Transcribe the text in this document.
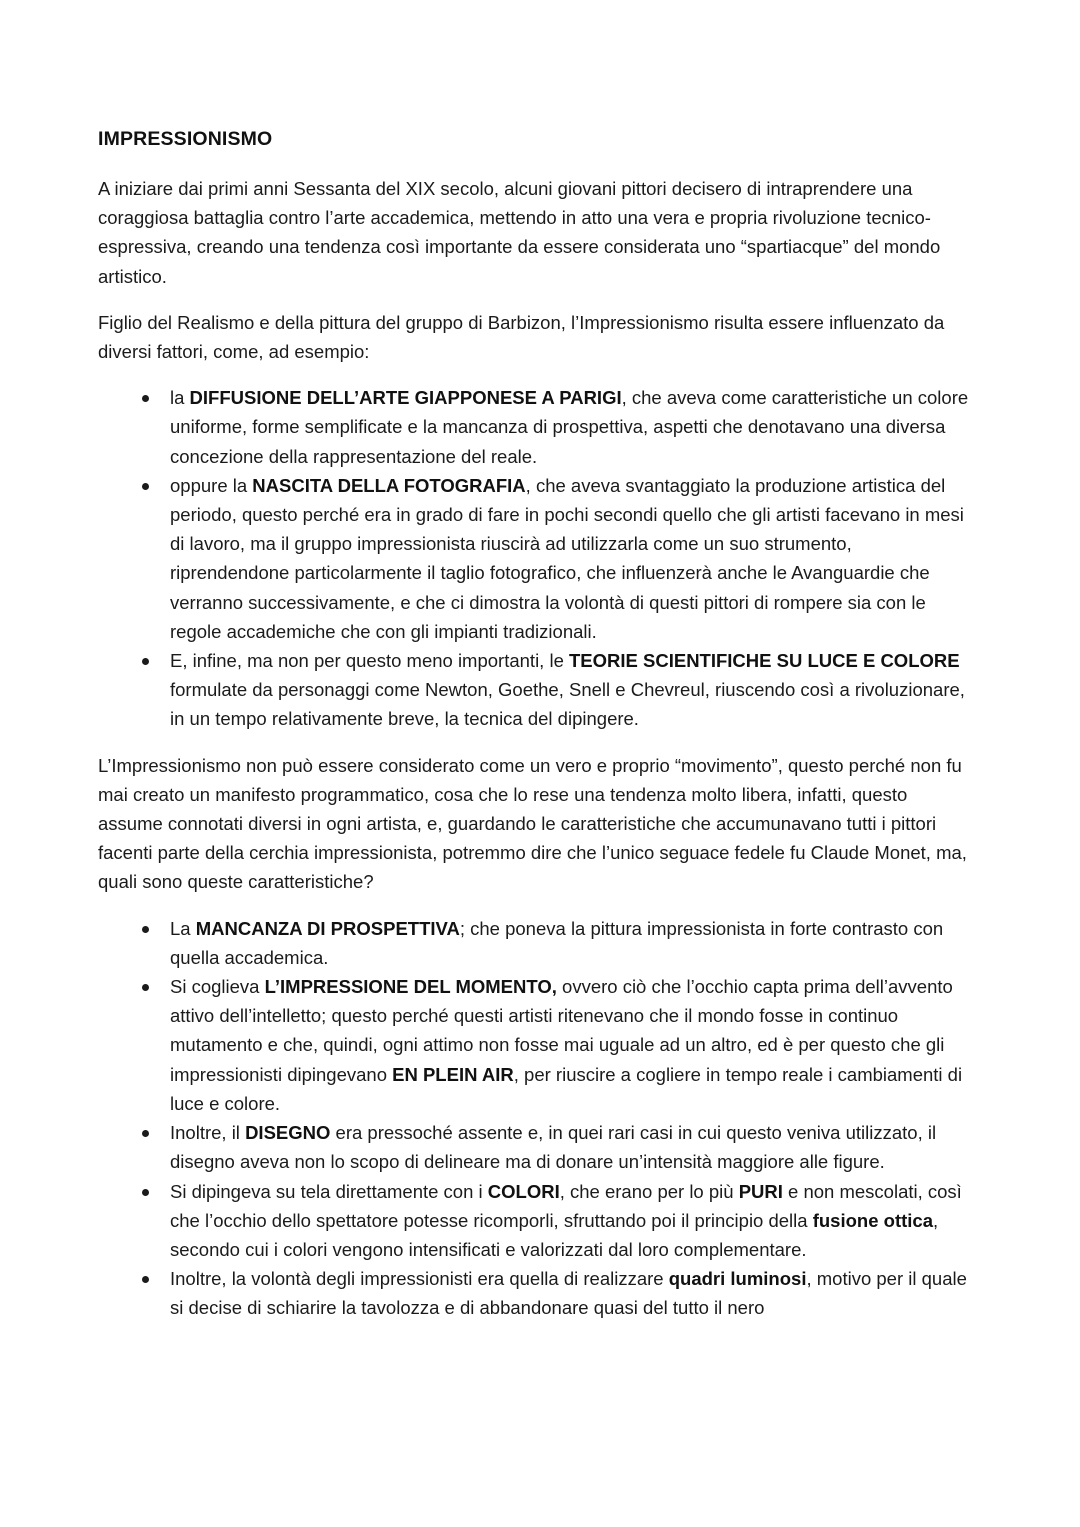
IMPRESSIONISMO

A iniziare dai primi anni Sessanta del XIX secolo, alcuni giovani pittori decisero di intraprendere una coraggiosa battaglia contro l’arte accademica, mettendo in atto una vera e propria rivoluzione tecnico-espressiva, creando una tendenza così importante da essere considerata uno “spartiacque” del mondo artistico.

Figlio del Realismo e della pittura del gruppo di Barbizon, l’Impressionismo risulta essere influenzato da diversi fattori, come, ad esempio:

la DIFFUSIONE DELL’ARTE GIAPPONESE A PARIGI, che aveva come caratteristiche un colore uniforme, forme semplificate e la mancanza di prospettiva, aspetti che denotavano una diversa concezione della rappresentazione del reale.
oppure la NASCITA DELLA FOTOGRAFIA, che aveva svantaggiato la produzione artistica del periodo, questo perché era in grado di fare in pochi secondi quello che gli artisti facevano in mesi di lavoro, ma il gruppo impressionista riuscirà ad utilizzarla come un suo strumento, riprendendone particolarmente il taglio fotografico, che influenzerà anche le Avanguardie che verranno successivamente, e che ci dimostra la volontà di questi pittori di rompere sia con le regole accademiche che con gli impianti tradizionali.
E, infine, ma non per questo meno importanti, le TEORIE SCIENTIFICHE SU LUCE E COLORE formulate da personaggi come Newton, Goethe, Snell e Chevreul, riuscendo così a rivoluzionare, in un tempo relativamente breve, la tecnica del dipingere.

L’Impressionismo non può essere considerato come un vero e proprio “movimento”, questo perché non fu mai creato un manifesto programmatico, cosa che lo rese una tendenza molto libera, infatti, questo assume connotati diversi in ogni artista, e, guardando le caratteristiche che accumunavano tutti i pittori facenti parte della cerchia impressionista, potremmo dire che l’unico seguace fedele fu Claude Monet, ma, quali sono queste caratteristiche?

La MANCANZA DI PROSPETTIVA; che poneva la pittura impressionista in forte contrasto con quella accademica.
Si coglieva L’IMPRESSIONE DEL MOMENTO, ovvero ciò che l’occhio capta prima dell’avvento attivo dell’intelletto; questo perché questi artisti ritenevano che il mondo fosse in continuo mutamento e che, quindi, ogni attimo non fosse mai uguale ad un altro, ed è per questo che gli impressionisti dipingevano EN PLEIN AIR, per riuscire a cogliere in tempo reale i cambiamenti di luce e colore.
Inoltre, il DISEGNO era pressoché assente e, in quei rari casi in cui questo veniva utilizzato, il disegno aveva non lo scopo di delineare ma di donare un’intensità maggiore alle figure.
Si dipingeva su tela direttamente con i COLORI, che erano per lo più PURI e non mescolati, così che l’occhio dello spettatore potesse ricomporli, sfruttando poi il principio della fusione ottica, secondo cui i colori vengono intensificati e valorizzati dal loro complementare.
Inoltre, la volontà degli impressionisti era quella di realizzare quadri luminosi, motivo per il quale si decise di schiarire la tavolozza e di abbandonare quasi del tutto il nero
